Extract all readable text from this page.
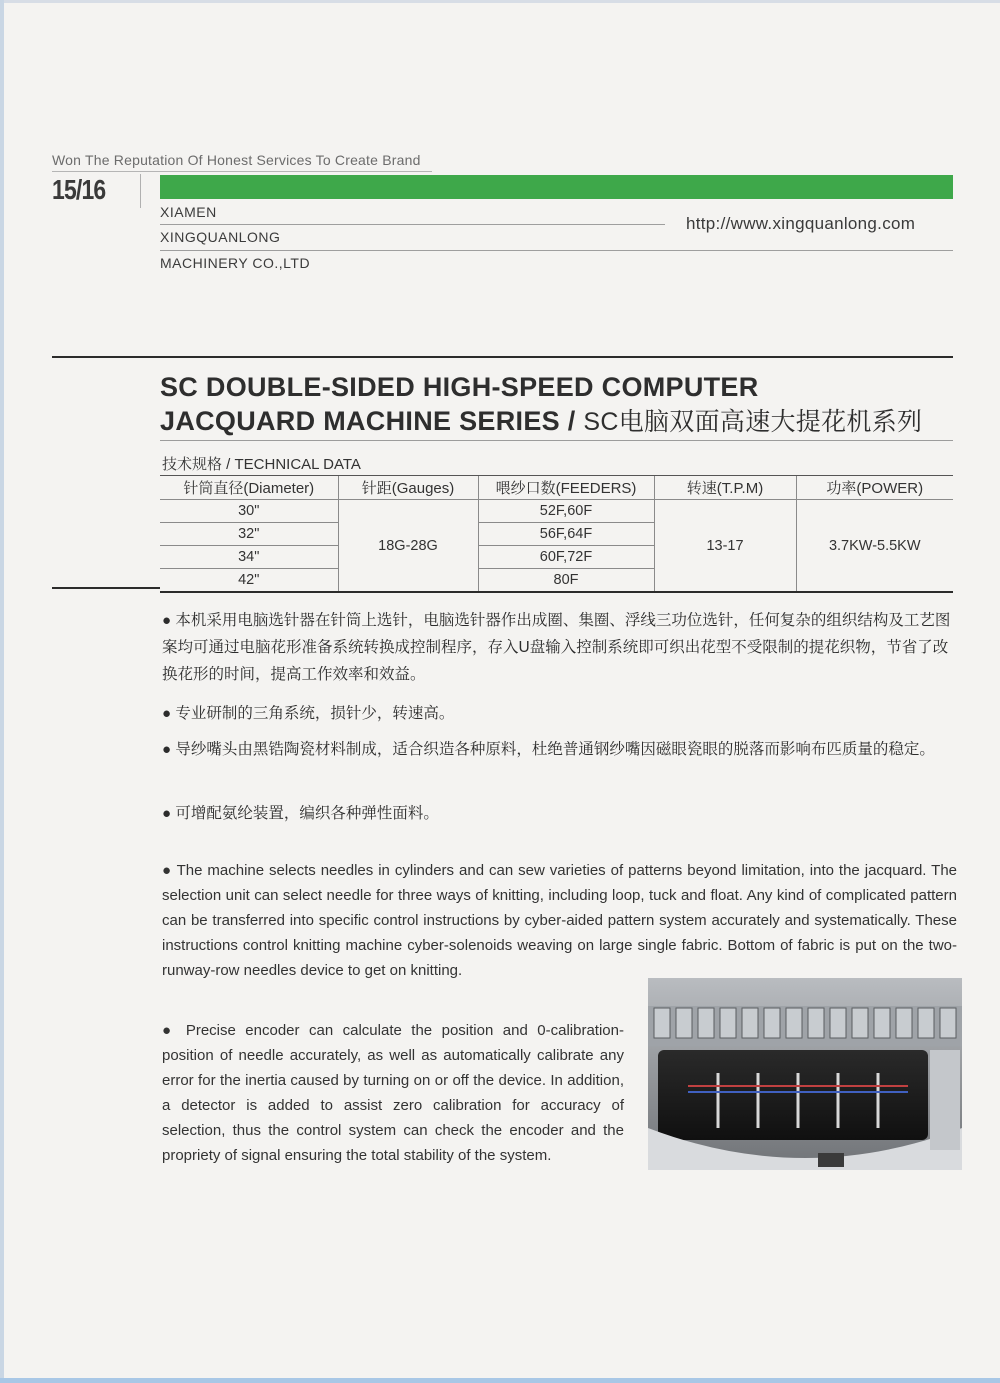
Won The Reputation Of Honest Services To Create Brand
15/16
XIAMEN
XINGQUANLONG
MACHINERY CO.,LTD
http://www.xingquanlong.com
SC DOUBLE-SIDED HIGH-SPEED COMPUTER
JACQUARD MACHINE SERIES / SC电脑双面高速大提花机系列
技术规格 / TECHNICAL DATA
针筒直径(Diameter)	针距(Gauges)	喂纱口数(FEEDERS)	转速(T.P.M)	功率(POWER)
30"	18G-28G	52F,60F	13-17	3.7KW-5.5KW
32"		56F,64F		
34"		60F,72F		
42"		80F		

● 本机采用电脑选针器在针筒上选针，电脑选针器作出成圈、集圈、浮线三功位选针，任何复杂的组织结构及工艺图案均可通过电脑花形准备系统转换成控制程序，存入U盘输入控制系统即可织出花型不受限制的提花织物，节省了改换花形的时间，提高工作效率和效益。

● 专业研制的三角系统，损针少，转速高。

● 导纱嘴头由黑锆陶瓷材料制成，适合织造各种原料，杜绝普通钢纱嘴因磁眼瓷眼的脱落而影响布匹质量的稳定。

● 可增配氨纶装置，编织各种弹性面料。

● The machine selects needles in cylinders and can sew varieties of patterns beyond limitation, into the jacquard. The selection unit can select needle for three ways of knitting, including loop, tuck and float. Any kind of complicated pattern can be transferred into specific control instructions by cyber-aided pattern system accurately and systematically. These instructions control knitting machine cyber-solenoids weaving on large single fabric. Bottom of fabric is put on the two-runway-row needles device to get on knitting.

● Precise encoder can calculate the position and 0-calibration-position of needle accurately, as well as automatically calibrate any error for the inertia caused by turning on or off the device. In addition, a detector is added to assist zero calibration for accuracy of selection, thus the control system can check the encoder and the propriety of signal ensuring the total stability of the system.
